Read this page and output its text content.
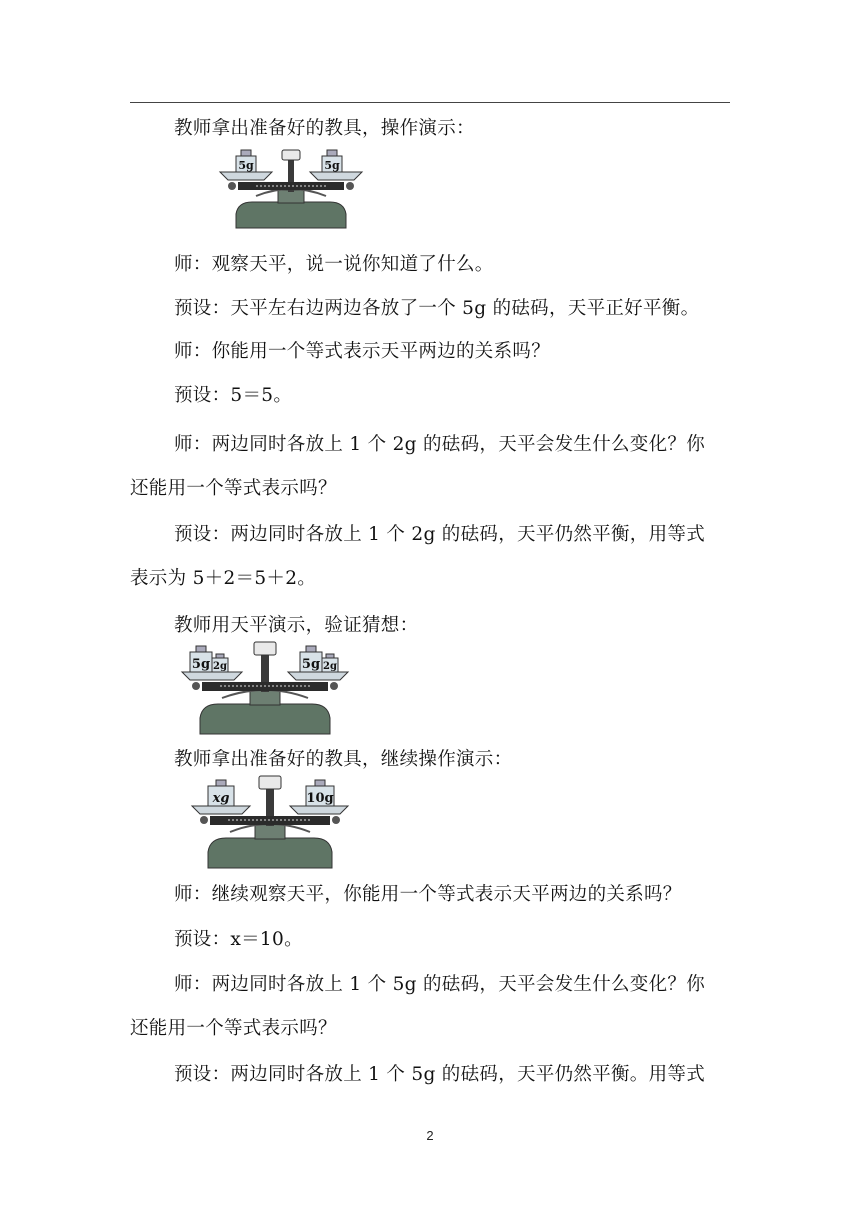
教师拿出准备好的教具，操作演示：
5g	5g
师：观察天平，说一说你知道了什么。
预设：天平左右边两边各放了一个 5g 的砝码，天平正好平衡。
师：你能用一个等式表示天平两边的关系吗？
预设：5＝5。
师：两边同时各放上 1 个 2g 的砝码，天平会发生什么变化？你
还能用一个等式表示吗？
预设：两边同时各放上 1 个 2g 的砝码，天平仍然平衡，用等式
表示为 5＋2＝5＋2。
教师用天平演示，验证猜想：
5g 2g	5g 2g
教师拿出准备好的教具，继续操作演示：
xg	10g
师：继续观察天平，你能用一个等式表示天平两边的关系吗？
预设：x＝10。
师：两边同时各放上 1 个 5g 的砝码，天平会发生什么变化？你
还能用一个等式表示吗？
预设：两边同时各放上 1 个 5g 的砝码，天平仍然平衡。用等式
2
